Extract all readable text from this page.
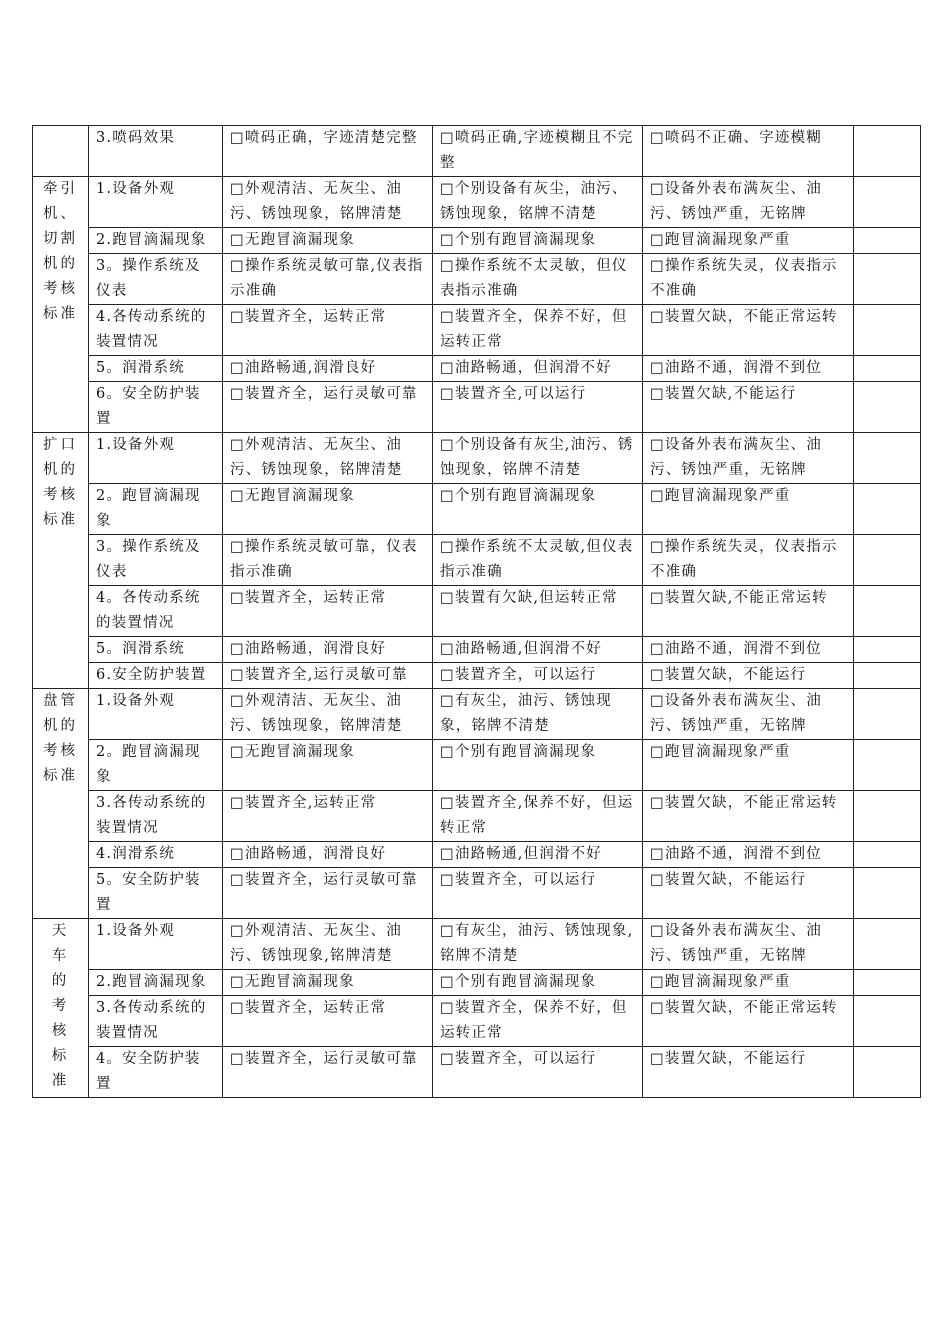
	3.喷码效果	□喷码正确，字迹清楚完整	□喷码正确,字迹模糊且不完整	□喷码不正确、字迹模糊	
牵引机、切割机的考核标准	1.设备外观	□外观清洁、无灰尘、油污、锈蚀现象，铭牌清楚	□个别设备有灰尘，油污、锈蚀现象，铭牌不清楚	□设备外表布满灰尘、油污、锈蚀严重，无铭牌	
	2.跑冒滴漏现象	□无跑冒滴漏现象	□个别有跑冒滴漏现象	□跑冒滴漏现象严重	
	3。操作系统及仪表	□操作系统灵敏可靠,仪表指示准确	□操作系统不太灵敏，但仪表指示准确	□操作系统失灵，仪表指示不准确	
	4.各传动系统的装置情况	□装置齐全，运转正常	□装置齐全，保养不好，但运转正常	□装置欠缺，不能正常运转	
	5。润滑系统	□油路畅通,润滑良好	□油路畅通，但润滑不好	□油路不通，润滑不到位	
	6。安全防护装置	□装置齐全，运行灵敏可靠	□装置齐全,可以运行	□装置欠缺,不能运行	
扩口机的考核标准	1.设备外观	□外观清洁、无灰尘、油污、锈蚀现象，铭牌清楚	□个别设备有灰尘,油污、锈蚀现象，铭牌不清楚	□设备外表布满灰尘、油污、锈蚀严重，无铭牌	
	2。跑冒滴漏现象	□无跑冒滴漏现象	□个别有跑冒滴漏现象	□跑冒滴漏现象严重	
	3。操作系统及仪表	□操作系统灵敏可靠，仪表指示准确	□操作系统不太灵敏,但仪表指示准确	□操作系统失灵，仪表指示不准确	
	4。各传动系统的装置情况	□装置齐全，运转正常	□装置有欠缺,但运转正常	□装置欠缺,不能正常运转	
	5。润滑系统	□油路畅通，润滑良好	□油路畅通,但润滑不好	□油路不通，润滑不到位	
	6.安全防护装置	□装置齐全,运行灵敏可靠	□装置齐全，可以运行	□装置欠缺，不能运行	
盘管机的考核标准	1.设备外观	□外观清洁、无灰尘、油污、锈蚀现象，铭牌清楚	□有灰尘，油污、锈蚀现象，铭牌不清楚	□设备外表布满灰尘、油污、锈蚀严重，无铭牌	
	2。跑冒滴漏现象	□无跑冒滴漏现象	□个别有跑冒滴漏现象	□跑冒滴漏现象严重	
	3.各传动系统的装置情况	□装置齐全,运转正常	□装置齐全,保养不好，但运转正常	□装置欠缺，不能正常运转	
	4.润滑系统	□油路畅通，润滑良好	□油路畅通,但润滑不好	□油路不通，润滑不到位	
	5。安全防护装置	□装置齐全，运行灵敏可靠	□装置齐全，可以运行	□装置欠缺，不能运行	
天车的考核标准	1.设备外观	□外观清洁、无灰尘、油污、锈蚀现象,铭牌清楚	□有灰尘，油污、锈蚀现象,铭牌不清楚	□设备外表布满灰尘、油污、锈蚀严重，无铭牌	
	2.跑冒滴漏现象	□无跑冒滴漏现象	□个别有跑冒滴漏现象	□跑冒滴漏现象严重	
	3.各传动系统的装置情况	□装置齐全，运转正常	□装置齐全，保养不好，但运转正常	□装置欠缺，不能正常运转	
	4。安全防护装置	□装置齐全，运行灵敏可靠	□装置齐全，可以运行	□装置欠缺，不能运行	
